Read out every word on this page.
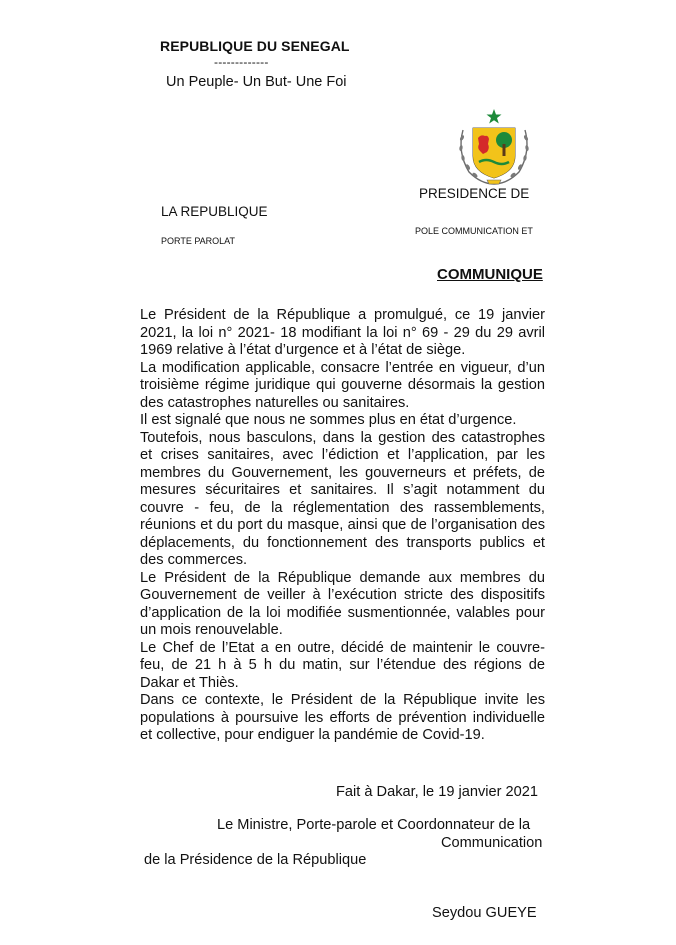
REPUBLIQUE DU SENEGAL
-------------
Un Peuple- Un But- Une Foi
PRESIDENCE DE
LA REPUBLIQUE
POLE COMMUNICATION ET
PORTE PAROLAT
COMMUNIQUE

Le Président de la République a promulgué, ce 19 janvier 2021, la loi n° 2021- 18 modifiant la loi n° 69 - 29 du 29 avril 1969 relative à l’état d’urgence et à l’état de siège.

La modification applicable, consacre l’entrée en vigueur, d’un troisième régime juridique qui gouverne désormais la gestion des catastrophes naturelles ou sanitaires.

Il est signalé que nous ne sommes plus en état d’urgence.

Toutefois, nous basculons, dans la gestion des catastrophes et crises sanitaires, avec l’édiction et l’application, par les membres du Gouvernement, les gouverneurs et préfets, de mesures sécuritaires et sanitaires. Il s’agit notamment du couvre - feu, de la réglementation des rassemblements, réunions et du port du masque, ainsi que de l’organisation des déplacements, du fonctionnement des transports publics et des commerces.

Le Président de la République demande aux membres du Gouvernement de veiller à l’exécution stricte des dispositifs d’application de la loi modifiée susmentionnée, valables pour un mois renouvelable.

Le Chef de l’Etat a en outre, décidé de maintenir le couvre-feu, de 21 h à 5 h du matin, sur l’étendue des régions de Dakar et Thiès.

Dans ce contexte, le Président de la République invite les populations à poursuive les efforts de prévention individuelle et collective, pour endiguer la pandémie de Covid-19.

Fait à Dakar, le 19 janvier 2021
Le Ministre, Porte-parole et Coordonnateur de la
Communication
de la Présidence de la République
Seydou GUEYE
